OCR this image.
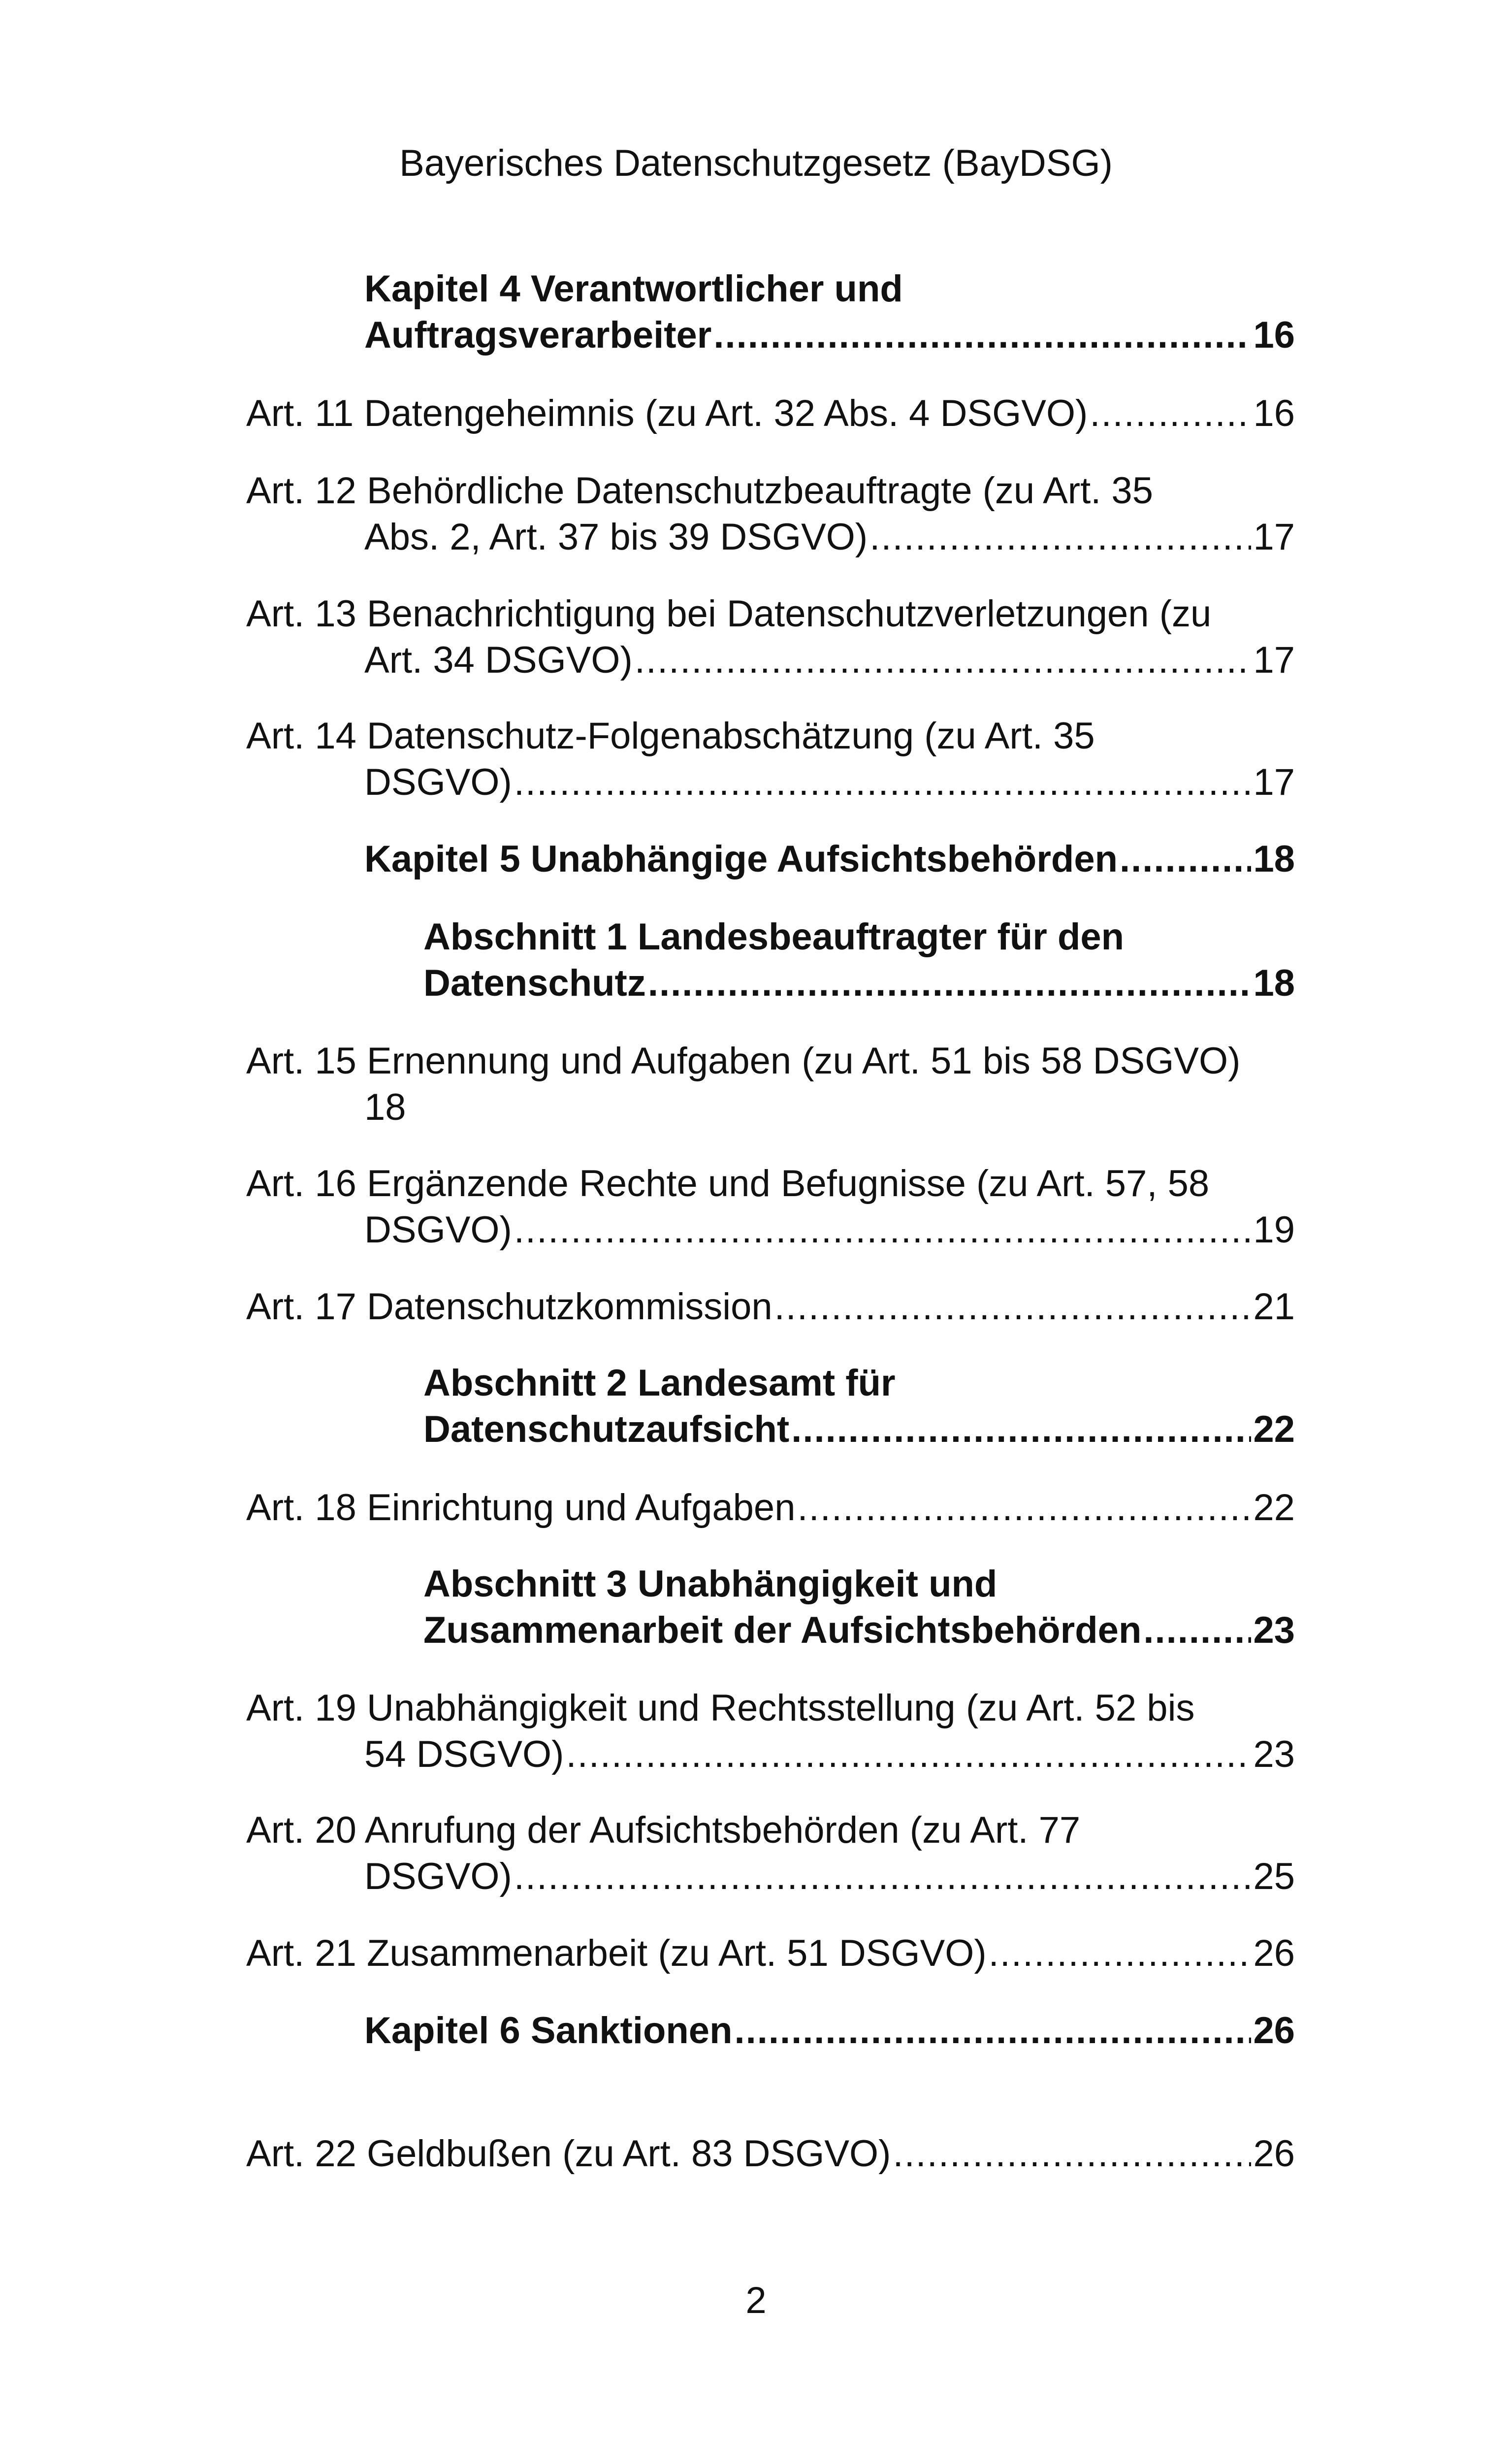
Bayerisches Datenschutzgesetz (BayDSG)
Kapitel 4 Verantwortlicher und
Auftragsverarbeiter .....	16
Art. 11 Datengeheimnis (zu Art. 32 Abs. 4 DSGVO) .....	16
Art. 12 Behördliche Datenschutzbeauftragte (zu Art. 35
Abs. 2, Art. 37 bis 39 DSGVO) .....	17
Art. 13 Benachrichtigung bei Datenschutzverletzungen (zu
Art. 34 DSGVO) .....	17
Art. 14 Datenschutz-Folgenabschätzung (zu Art. 35
DSGVO) .....	17
Kapitel 5 Unabhängige Aufsichtsbehörden .....	18
Abschnitt 1 Landesbeauftragter für den
Datenschutz .....	18
Art. 15 Ernennung und Aufgaben (zu Art. 51 bis 58 DSGVO)
18
Art. 16 Ergänzende Rechte und Befugnisse (zu Art. 57, 58
DSGVO) .....	19
Art. 17 Datenschutzkommission .....	21
Abschnitt 2 Landesamt für
Datenschutzaufsicht .....	22
Art. 18 Einrichtung und Aufgaben .....	22
Abschnitt 3 Unabhängigkeit und
Zusammenarbeit der Aufsichtsbehörden .....	23
Art. 19 Unabhängigkeit und Rechtsstellung (zu Art. 52 bis
54 DSGVO) .....	23
Art. 20 Anrufung der Aufsichtsbehörden (zu Art. 77
DSGVO) .....	25
Art. 21 Zusammenarbeit (zu Art. 51 DSGVO) .....	26
Kapitel 6 Sanktionen .....	26
Art. 22 Geldbußen (zu Art. 83 DSGVO) .....	26
2
